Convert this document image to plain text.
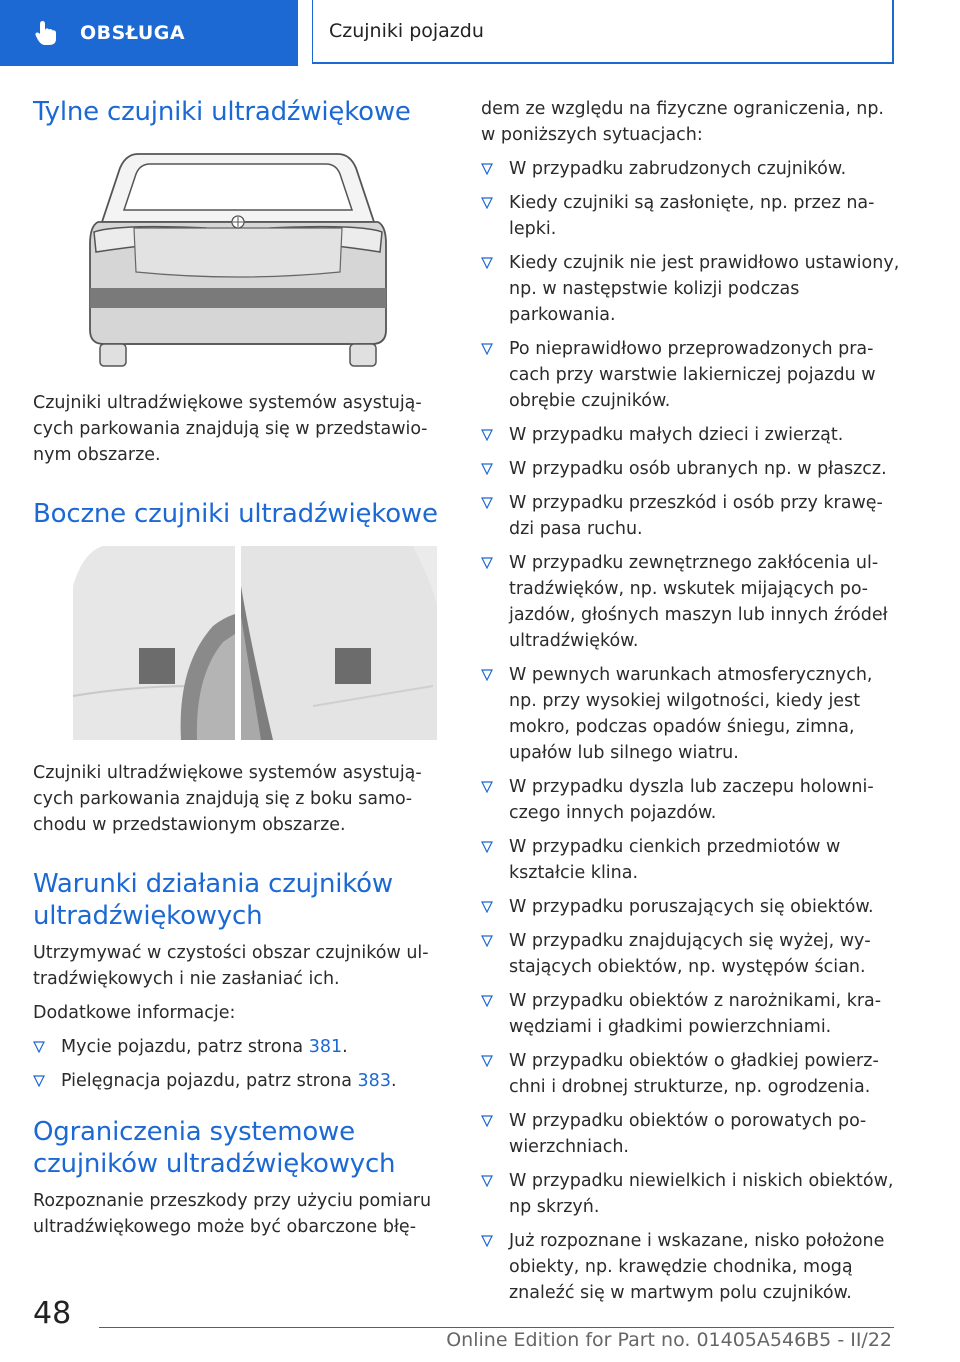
OBSŁUGA	Czujniki pojazdu
Tylne czujniki ultradźwiękowe

Czujniki ultradźwiękowe systemów asystujących parkowania znajdują się w przedstawionym obszarze.

Boczne czujniki ultradźwiękowe

Czujniki ultradźwiękowe systemów asystujących parkowania znajdują się z boku samochodu w przedstawionym obszarze.

Warunki działania czujników ultradźwiękowych

Utrzymywać w czystości obszar czujników ultradźwiękowych i nie zasłaniać ich.

Dodatkowe informacje:

Mycie pojazdu, patrz strona 381.
Pielęgnacja pojazdu, patrz strona 383.
Ograniczenia systemowe czujników ultradźwiękowych

Rozpoznanie przeszkody przy użyciu pomiaru ultradźwiękowego może być obarczone błę-

dem ze względu na fizyczne ograniczenia, np. w poniższych sytuacjach:

W przypadku zabrudzonych czujników.
Kiedy czujniki są zasłonięte, np. przez nalepki.
Kiedy czujnik nie jest prawidłowo ustawiony, np. w następstwie kolizji podczas parkowania.
Po nieprawidłowo przeprowadzonych pracach przy warstwie lakierniczej pojazdu w obrębie czujników.
W przypadku małych dzieci i zwierząt.
W przypadku osób ubranych np. w płaszcz.
W przypadku przeszkód i osób przy krawędzi pasa ruchu.
W przypadku zewnętrznego zakłócenia ultradźwięków, np. wskutek mijających pojazdów, głośnych maszyn lub innych źródeł ultradźwięków.
W pewnych warunkach atmosferycznych, np. przy wysokiej wilgotności, kiedy jest mokro, podczas opadów śniegu, zimna, upałów lub silnego wiatru.
W przypadku dyszla lub zaczepu holowniczego innych pojazdów.
W przypadku cienkich przedmiotów w kształcie klina.
W przypadku poruszających się obiektów.
W przypadku znajdujących się wyżej, wystających obiektów, np. występów ścian.
W przypadku obiektów z narożnikami, krawędziami i gładkimi powierzchniami.
W przypadku obiektów o gładkiej powierzchni i drobnej strukturze, np. ogrodzenia.
W przypadku obiektów o porowatych powierzchniach.
W przypadku niewielkich i niskich obiektów, np skrzyń.
Już rozpoznane i wskazane, nisko położone obiekty, np. krawędzie chodnika, mogą znaleźć się w martwym polu czujników.
48
Online Edition for Part no. 01405A546B5 - II/22
